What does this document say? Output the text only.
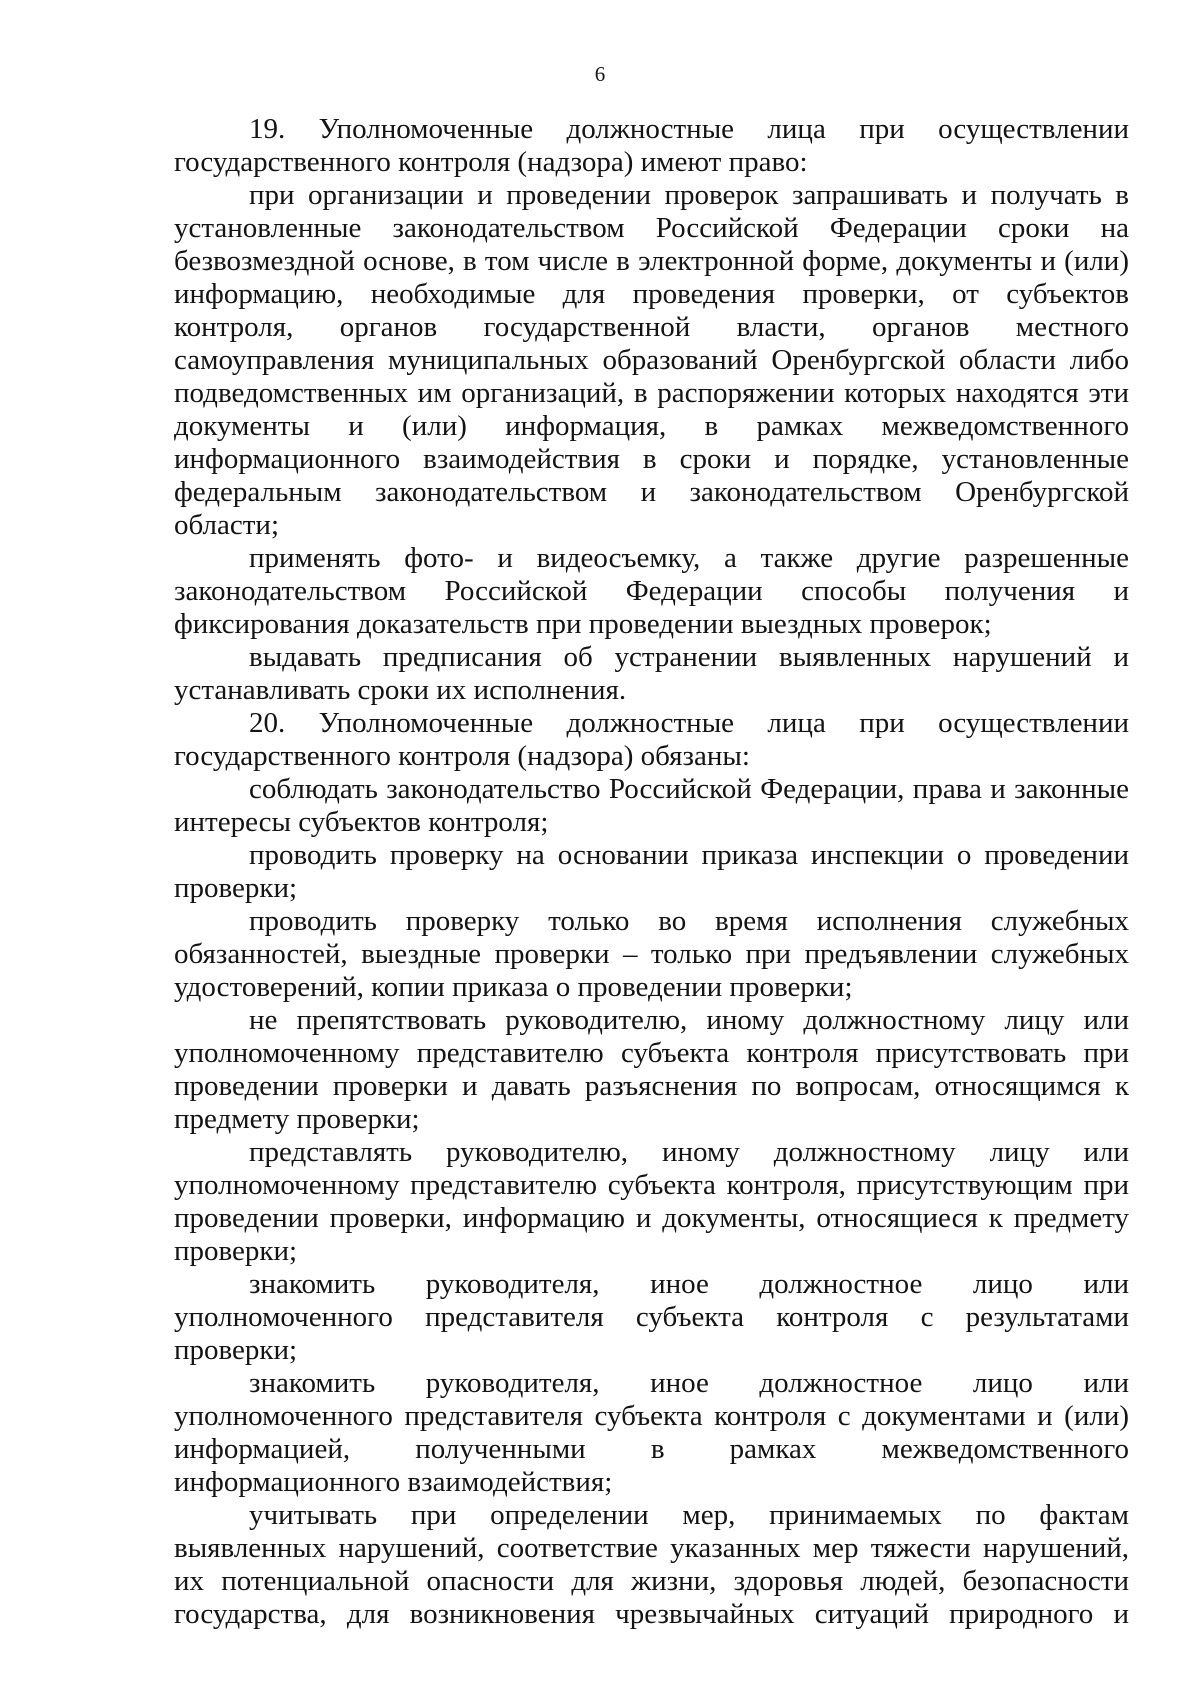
6

19. Уполномоченные должностные лица при осуществлении государственного контроля (надзора) имеют право:

при организации и проведении проверок запрашивать и получать в установленные законодательством Российской Федерации сроки на безвозмездной основе, в том числе в электронной форме, документы и (или) информацию, необходимые для проведения проверки, от субъектов контроля, органов государственной власти, органов местного самоуправления муниципальных образований Оренбургской области либо подведомственных им организаций, в распоряжении которых находятся эти документы и (или) информация, в рамках межведомственного информационного взаимодействия в сроки и порядке, установленные федеральным законодательством и законодательством Оренбургской области;

применять фото- и видеосъемку, а также другие разрешенные законодательством Российской Федерации способы получения и фиксирования доказательств при проведении выездных проверок;

выдавать предписания об устранении выявленных нарушений и устанавливать сроки их исполнения.

20. Уполномоченные должностные лица при осуществлении государственного контроля (надзора) обязаны:

соблюдать законодательство Российской Федерации, права и законные интересы субъектов контроля;

проводить проверку на основании приказа инспекции о проведении проверки;

проводить проверку только во время исполнения служебных обязанностей, выездные проверки – только при предъявлении служебных удостоверений, копии приказа о проведении проверки;

не препятствовать руководителю, иному должностному лицу или уполномоченному представителю субъекта контроля присутствовать при проведении проверки и давать разъяснения по вопросам, относящимся к предмету проверки;

представлять руководителю, иному должностному лицу или уполномоченному представителю субъекта контроля, присутствующим при проведении проверки, информацию и документы, относящиеся к предмету проверки;

знакомить руководителя, иное должностное лицо или уполномоченного представителя субъекта контроля с результатами проверки;

знакомить руководителя, иное должностное лицо или уполномоченного представителя субъекта контроля с документами и (или) информацией, полученными в рамках межведомственного информационного взаимодействия;

учитывать при определении мер, принимаемых по фактам выявленных нарушений, соответствие указанных мер тяжести нарушений, их потенциальной опасности для жизни, здоровья людей, безопасности государства, для возникновения чрезвычайных ситуаций природного и
